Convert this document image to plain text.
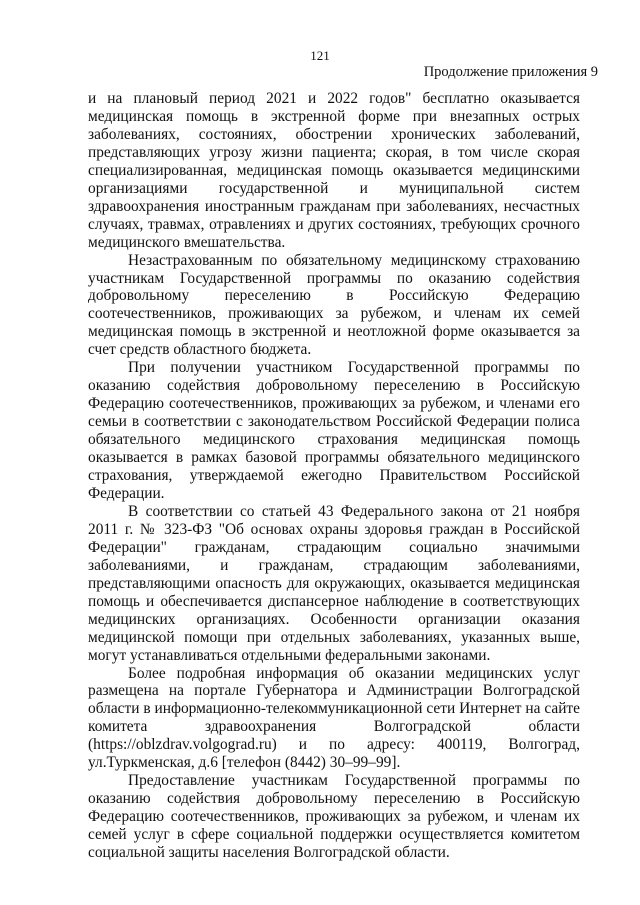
121
Продолжение приложения 9

и на плановый период 2021 и 2022 годов" бесплатно оказывается медицинская помощь в экстренной форме при внезапных острых заболеваниях, состояниях, обострении хронических заболеваний, представляющих угрозу жизни пациента; скорая, в том числе скорая специализированная, медицинская помощь оказывается медицинскими организациями государственной и муниципальной систем здравоохранения иностранным гражданам при заболеваниях, несчастных случаях, травмах, отравлениях и других состояниях, требующих срочного медицинского вмешательства.

Незастрахованным по обязательному медицинскому страхованию участникам Государственной программы по оказанию содействия добровольному переселению в Российскую Федерацию соотечественников, проживающих за рубежом, и членам их семей медицинская помощь в экстренной и неотложной форме оказывается за счет средств областного бюджета.

При получении участником Государственной программы по оказанию содействия добровольному переселению в Российскую Федерацию соотечественников, проживающих за рубежом, и членами его семьи в соответствии с законодательством Российской Федерации полиса обязательного медицинского страхования медицинская помощь оказывается в рамках базовой программы обязательного медицинского страхования, утверждаемой ежегодно Правительством Российской Федерации.

В соответствии со статьей 43 Федерального закона от 21 ноября 2011 г. № 323-ФЗ "Об основах охраны здоровья граждан в Российской Федерации" гражданам, страдающим социально значимыми заболеваниями, и гражданам, страдающим заболеваниями, представляющими опасность для окружающих, оказывается медицинская помощь и обеспечивается диспансерное наблюдение в соответствующих медицинских организациях. Особенности организации оказания медицинской помощи при отдельных заболеваниях, указанных выше, могут устанавливаться отдельными федеральными законами.

Более подробная информация об оказании медицинских услуг размещена на портале Губернатора и Администрации Волгоградской области в информационно-телекоммуникационной сети Интернет на сайте комитета здравоохранения Волгоградской области (https://oblzdrav.volgograd.ru) и по адресу: 400119, Волгоград, ул.Туркменская, д.6 [телефон (8442) 30–99–99].

Предоставление участникам Государственной программы по оказанию содействия добровольному переселению в Российскую Федерацию соотечественников, проживающих за рубежом, и членам их семей услуг в сфере социальной поддержки осуществляется комитетом социальной защиты населения Волгоградской области.
